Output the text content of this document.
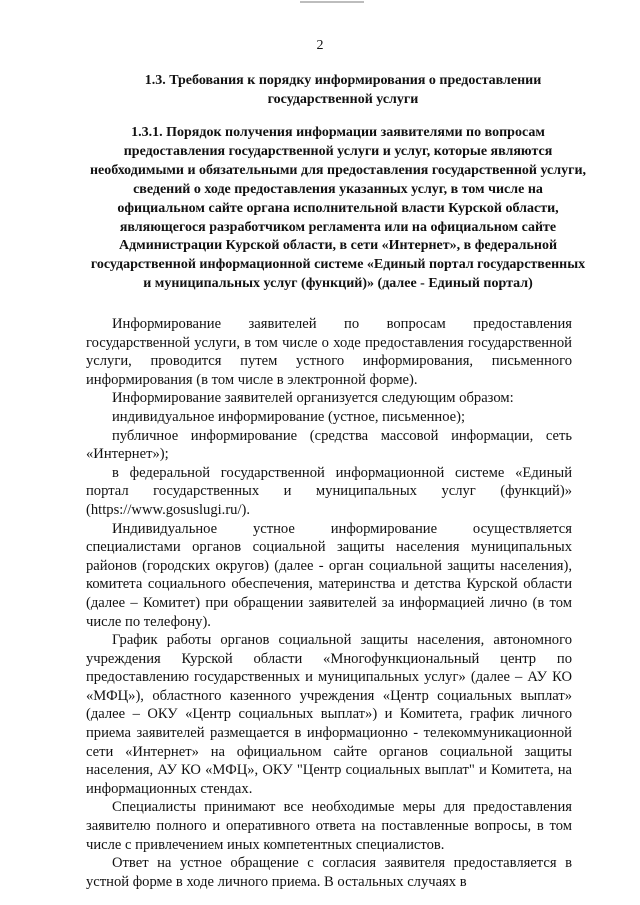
2
1.3. Требования к порядку информирования о предоставлении государственной услуги
1.3.1. Порядок получения информации заявителями по вопросам предоставления государственной услуги и услуг, которые являются необходимыми и обязательными для предоставления государственной услуги, сведений о ходе предоставления указанных услуг, в том числе на официальном сайте органа исполнительной власти Курской области, являющегося разработчиком регламента или на официальном сайте Администрации Курской области, в сети «Интернет», в федеральной государственной информационной системе «Единый портал государственных и муниципальных услуг (функций)» (далее - Единый портал)

Информирование заявителей по вопросам предоставления государственной услуги, в том числе о ходе предоставления государственной услуги, проводится путем устного информирования, письменного информирования (в том числе в электронной форме).

Информирование заявителей организуется следующим образом:

индивидуальное информирование (устное, письменное);

публичное информирование (средства массовой информации, сеть «Интернет»);

в федеральной государственной информационной системе «Единый портал государственных и муниципальных услуг (функций)» (https://www.gosuslugi.ru/).

Индивидуальное устное информирование осуществляется специалистами органов социальной защиты населения муниципальных районов (городских округов) (далее - орган социальной защиты населения), комитета социального обеспечения, материнства и детства Курской области (далее – Комитет) при обращении заявителей за информацией лично (в том числе по телефону).

График работы органов социальной защиты населения, автономного учреждения Курской области «Многофункциональный центр по предоставлению государственных и муниципальных услуг» (далее – АУ КО «МФЦ»), областного казенного учреждения «Центр социальных выплат» (далее – ОКУ «Центр социальных выплат») и Комитета, график личного приема заявителей размещается в информационно - телекоммуникационной сети «Интернет» на официальном сайте органов социальной защиты населения, АУ КО «МФЦ», ОКУ "Центр социальных выплат" и Комитета, на информационных стендах.

Специалисты принимают все необходимые меры для предоставления заявителю полного и оперативного ответа на поставленные вопросы, в том числе с привлечением иных компетентных специалистов.

Ответ на устное обращение с согласия заявителя предоставляется в устной форме в ходе личного приема. В остальных случаях в
